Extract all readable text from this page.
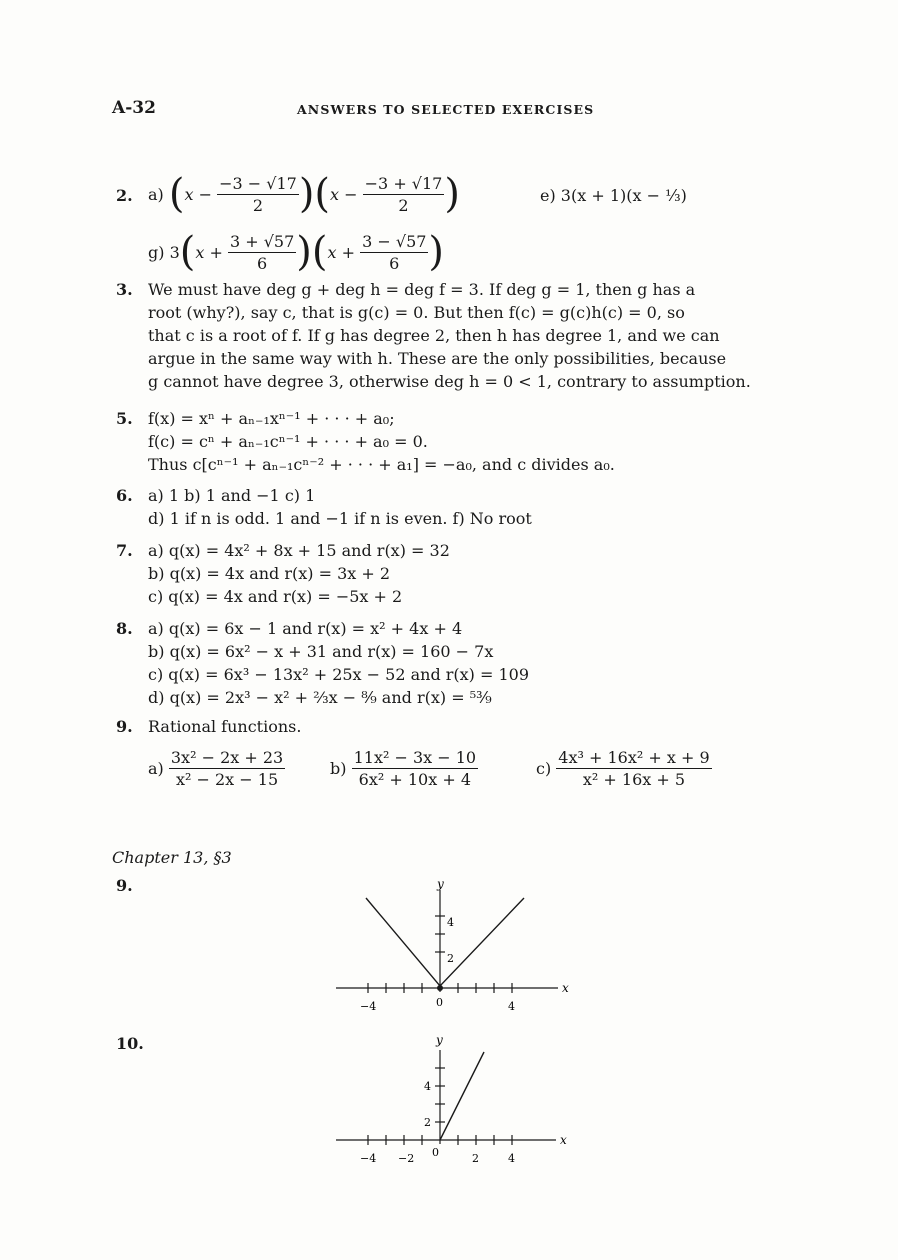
A-32	ANSWERS TO SELECTED EXERCISES
2. a)
( x −
$\frac{-3 - √17}{2}$ ) ( x −
$\frac{-3 + √17}{2}$ )	e) 3(x + 1)(x − ⅓)
g) 3 ( x +
$\frac{3 + √57}{6}$ ) ( x +
$\frac{3 - √57}{6}$ )
3. We must have deg g + deg h = deg f = 3. If deg g = 1, then g has a
root (why?), say c, that is g(c) = 0. But then f(c) = g(c)h(c) = 0, so
that c is a root of f. If g has degree 2, then h has degree 1, and we can
argue in the same way with h. These are the only possibilities, because
g cannot have degree 3, otherwise deg h = 0 < 1, contrary to assumption.
5. f(x) = xⁿ + aₙ₋₁xⁿ⁻¹ + · · · + a₀;
f(c) = cⁿ + aₙ₋₁cⁿ⁻¹ + · · · + a₀ = 0.
Thus c[cⁿ⁻¹ + aₙ₋₁cⁿ⁻² + · · · + a₁] = −a₀, and c divides a₀.
6. a) 1 b) 1 and −1 c) 1
d) 1 if n is odd. 1 and −1 if n is even. f) No root
7. a) q(x) = 4x² + 8x + 15 and r(x) = 32
b) q(x) = 4x and r(x) = 3x + 2
c) q(x) = 4x and r(x) = −5x + 2
8. a) q(x) = 6x − 1 and r(x) = x² + 4x + 4
b) q(x) = 6x² − x + 31 and r(x) = 160 − 7x
c) q(x) = 6x³ − 13x² + 25x − 52 and r(x) = 109
d) q(x) = 2x³ − x² + ⅔x − ⁸⁄₉ and r(x) = ⁵³⁄₉
9. Rational functions.
a)
$\frac{\text{3x² − 2x + 23}}{\text{x² − 2x − 15}}$	b)
$\frac{\text{11x² − 3x − 10}}{\text{6x² + 10x + 4}}$	c)
$\frac{\text{4x³ + 16x² + x + 9}}{\text{x² + 16x + 5}}$
Chapter 13, §3
9.	y
x
4
2
−4	0	4
10.	y
x
4
2
−4 −2 0	2	4
